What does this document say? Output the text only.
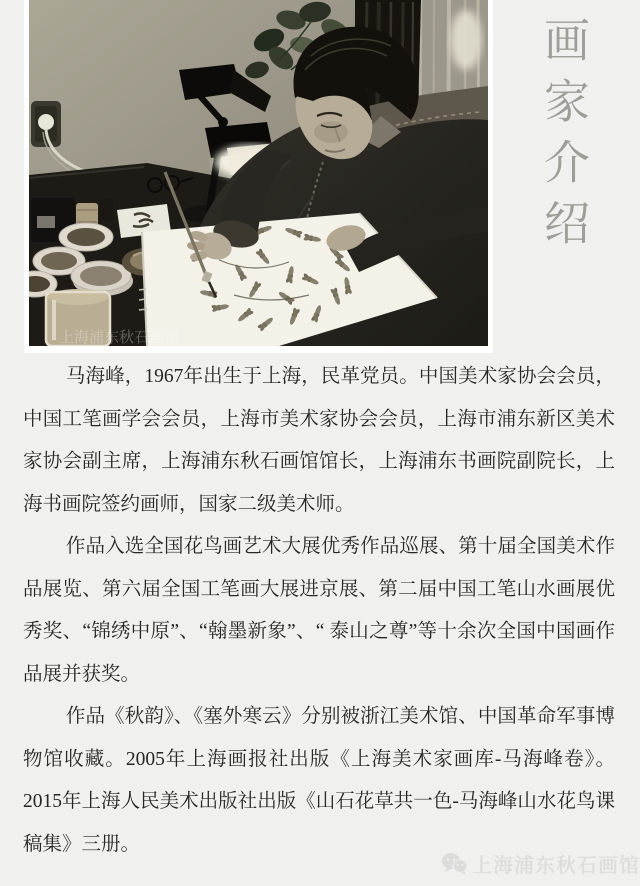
上海浦东秋石画馆
画家介绍

马海峰，1967年出生于上海，民革党员。中国美术家协会会员，中国工笔画学会会员，上海市美术家协会会员，上海市浦东新区美术家协会副主席，上海浦东秋石画馆馆长，上海浦东书画院副院长，上海书画院签约画师，国家二级美术师。

作品入选全国花鸟画艺术大展优秀作品巡展、第十届全国美术作品展览、第六届全国工笔画大展进京展、第二届中国工笔山水画展优秀奖、“锦绣中原”、“翰墨新象”、“ 泰山之尊”等十余次全国中国画作品展并获奖。

作品《秋韵》、《塞外寒云》分别被浙江美术馆、中国革命军事博物馆收藏。2005年上海画报社出版《上海美术家画库-马海峰卷》。2015年上海人民美术出版社出版《山石花草共一色-马海峰山水花鸟课稿集》三册。

上海浦东秋石画馆
